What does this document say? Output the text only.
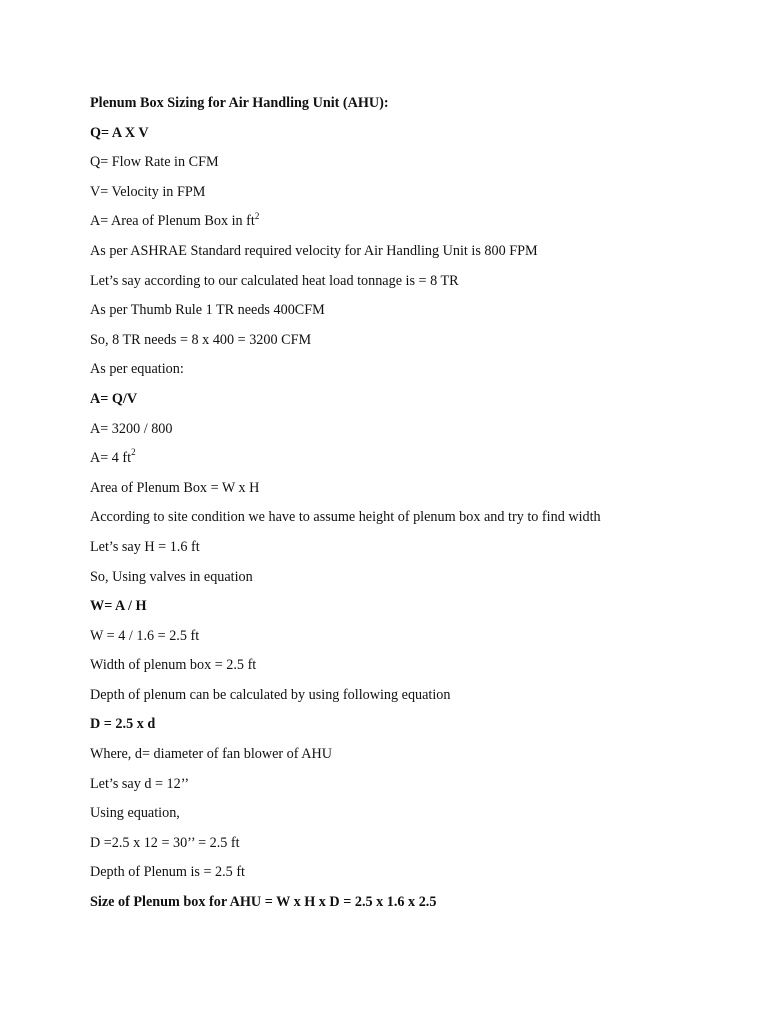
Plenum Box Sizing for Air Handling Unit (AHU):
Q= A X V
Q= Flow Rate in CFM
V= Velocity in FPM
A= Area of Plenum Box in $ft^2$
As per ASHRAE Standard required velocity for Air Handling Unit is 800 FPM
Let’s say according to our calculated heat load tonnage is = 8 TR
As per Thumb Rule 1 TR needs 400CFM
So, 8 TR needs = 8 x 400 = 3200 CFM
As per equation:
A= Q/V
A= 3200 / 800
A= 4 $ft^2$
Area of Plenum Box = W x H
According to site condition we have to assume height of plenum box and try to find width
Let’s say H = 1.6 ft
So, Using valves in equation
W= A / H
W = 4 / 1.6 = 2.5 ft
Width of plenum box = 2.5 ft
Depth of plenum can be calculated by using following equation
D = 2.5 x d
Where, d= diameter of fan blower of AHU
Let’s say d = 12’’
Using equation,
D =2.5 x 12 = 30’’ = 2.5 ft
Depth of Plenum is = 2.5 ft
Size of Plenum box for AHU = W x H x D = 2.5 x 1.6 x 2.5
